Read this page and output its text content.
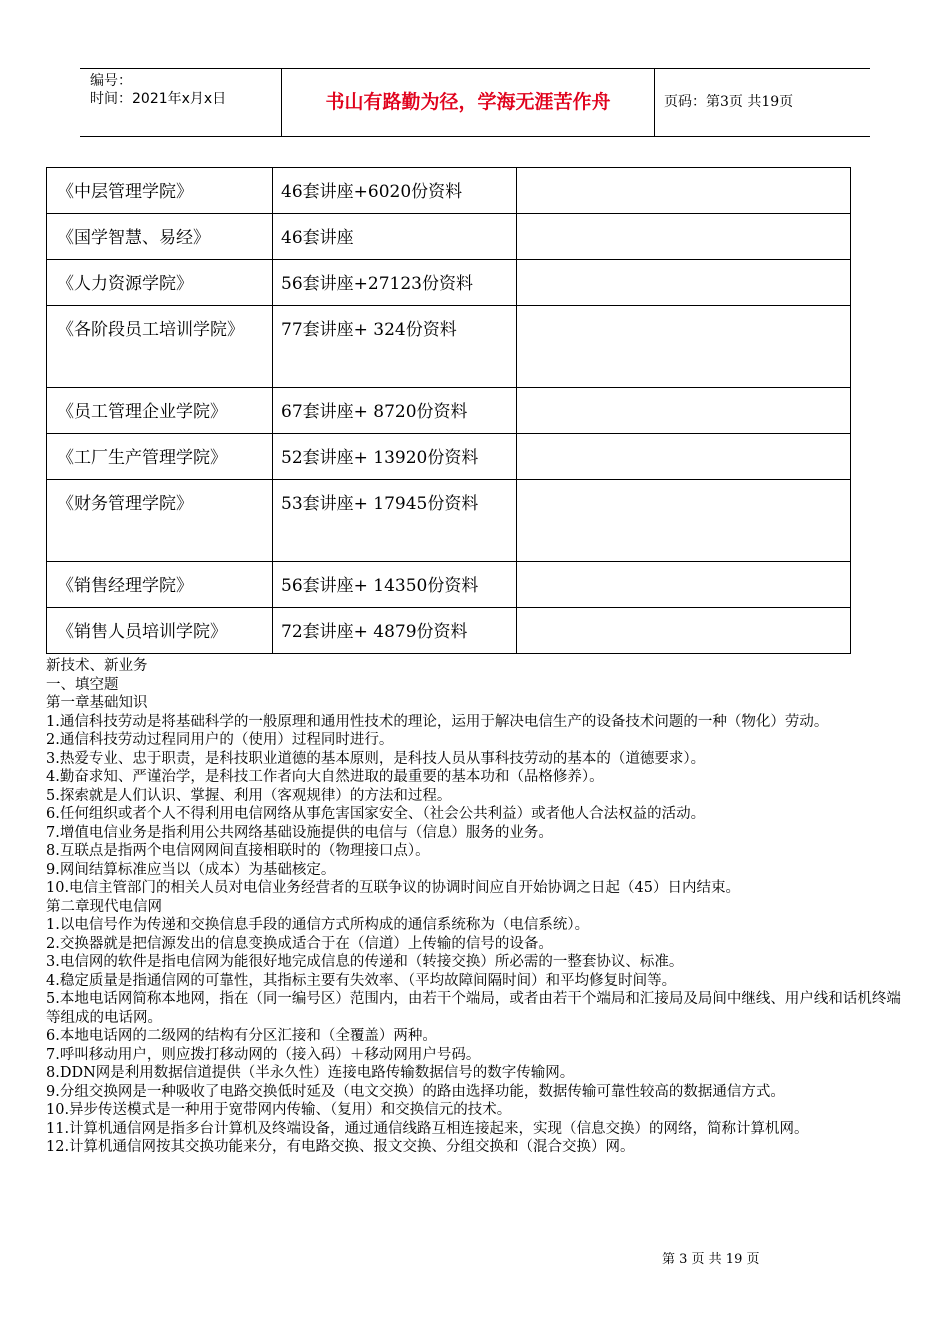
编号：
时间：2021年x月x日	书山有路勤为径，学海无涯苦作舟	页码：第3页 共19页
《中层管理学院》	46套讲座+6020份资料	
《国学智慧、易经》	46套讲座	
《人力资源学院》	56套讲座+27123份资料	
《各阶段员工培训学院》	77套讲座+ 324份资料	
《员工管理企业学院》	67套讲座+ 8720份资料	
《工厂生产管理学院》	52套讲座+ 13920份资料	
《财务管理学院》	53套讲座+ 17945份资料	
《销售经理学院》	56套讲座+ 14350份资料	
《销售人员培训学院》	72套讲座+ 4879份资料	

新技术、新业务

一、填空题

第一章基础知识

1.通信科技劳动是将基础科学的一般原理和通用性技术的理论，运用于解决电信生产的设备技术问题的一种（物化）劳动。

2.通信科技劳动过程同用户的（使用）过程同时进行。

3.热爱专业、忠于职责，是科技职业道德的基本原则，是科技人员从事科技劳动的基本的（道德要求）。

4.勤奋求知、严谨治学，是科技工作者向大自然进取的最重要的基本功和（品格修养）。

5.探索就是人们认识、掌握、利用（客观规律）的方法和过程。

6.任何组织或者个人不得利用电信网络从事危害国家安全、（社会公共利益）或者他人合法权益的活动。

7.增值电信业务是指利用公共网络基础设施提供的电信与（信息）服务的业务。

8.互联点是指两个电信网网间直接相联时的（物理接口点）。

9.网间结算标准应当以（成本）为基础核定。

10.电信主管部门的相关人员对电信业务经营者的互联争议的协调时间应自开始协调之日起（45）日内结束。

第二章现代电信网

1.以电信号作为传递和交换信息手段的通信方式所构成的通信系统称为（电信系统）。

2.交换器就是把信源发出的信息变换成适合于在（信道）上传输的信号的设备。

3.电信网的软件是指电信网为能很好地完成信息的传递和（转接交换）所必需的一整套协议、标准。

4.稳定质量是指通信网的可靠性，其指标主要有失效率、（平均故障间隔时间）和平均修复时间等。

5.本地电话网简称本地网，指在（同一编号区）范围内，由若干个端局，或者由若干个端局和汇接局及局间中继线、用户线和话机终端等组成的电话网。

6.本地电话网的二级网的结构有分区汇接和（全覆盖）两种。

7.呼叫移动用户，则应拨打移动网的（接入码）＋移动网用户号码。

8.DDN网是利用数据信道提供（半永久性）连接电路传输数据信号的数字传输网。

9.分组交换网是一种吸收了电路交换低时延及（电文交换）的路由选择功能，数据传输可靠性较高的数据通信方式。

10.异步传送模式是一种用于宽带网内传输、（复用）和交换信元的技术。

11.计算机通信网是指多台计算机及终端设备，通过通信线路互相连接起来，实现（信息交换）的网络，简称计算机网。

12.计算机通信网按其交换功能来分，有电路交换、报文交换、分组交换和（混合交换）网。

第 3 页 共 19 页
